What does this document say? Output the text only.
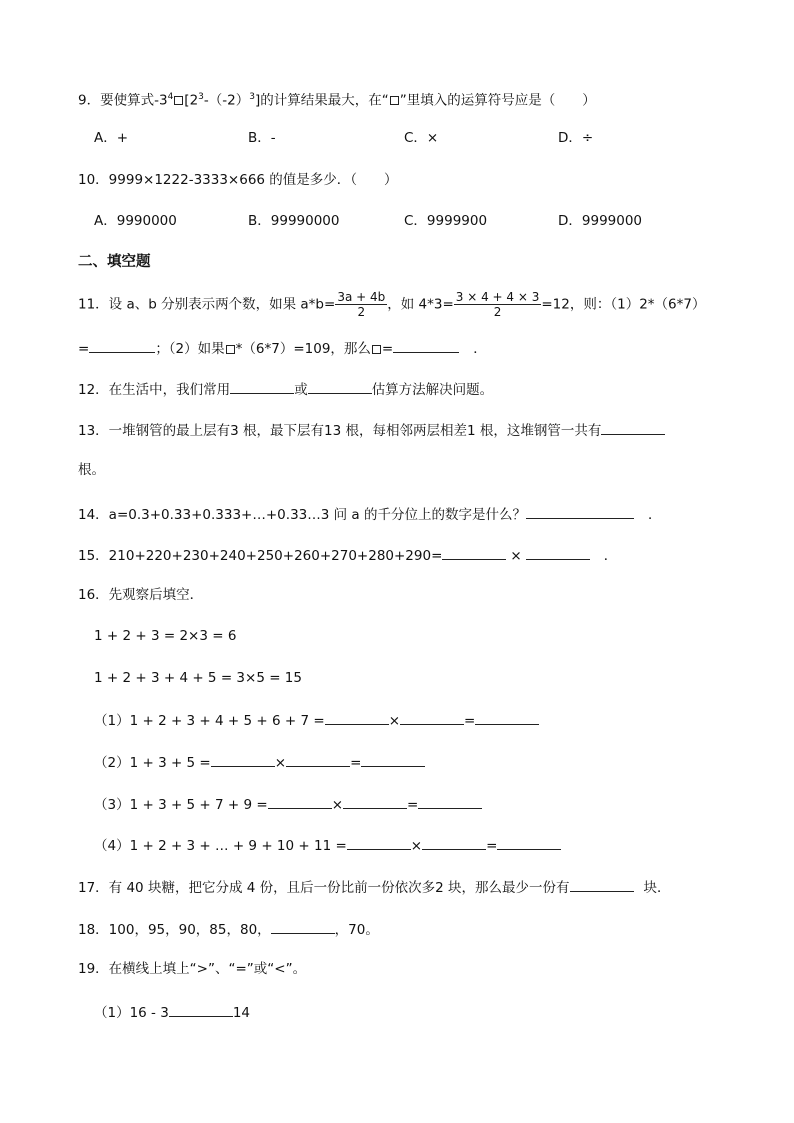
9．要使算式$-3^4$ $[2^3-(-2)^3]$的计算结果最大，在“ ”里填入的运算符号应是（　　）
A．+	B．-	C．×	D．÷
10．9999×1222-3333×666 的值是多少．（　　）
A．9990000	B．99990000	C．9999900	D．9999000
二、填空题
11．设 a、b 分别表示两个数，如果 $a*b= \frac{3a + 4b}{2}$ ，如 $4*3= \frac{3 \times 4 + 4 \times 3}{2} =12$，则：（1）2*（6*7）
=	；（2）如果 *（6*7）=109，那么 =	．
12．在生活中，我们常用	或	估算方法解决问题。
13．一堆钢管的最上层有3 根，最下层有13 根，每相邻两层相差1 根，这堆钢管一共有
根。
14．a=0.3+0.33+0.333+…+0.33…3 问 a 的千分位上的数字是什么？	．
15．210+220+230+240+250+260+270+280+290=	×	．
16．先观察后填空．
1 + 2 + 3 = 2×3 = 6
1 + 2 + 3 + 4 + 5 = 3×5 = 15
（1）1 + 2 + 3 + 4 + 5 + 6 + 7 =	×	=
（2）1 + 3 + 5 =	×	=
（3）1 + 3 + 5 + 7 + 9 =	×	=
（4）1 + 2 + 3 + … + 9 + 10 + 11 =	×	=
17．有 40 块糖，把它分成 4 份，且后一份比前一份依次多2 块，那么最少一份有	块．
18．100，95，90，85，80，	，70。
19．在横线上填上“>”、“=”或“<”。
（1）16 - 3	14
